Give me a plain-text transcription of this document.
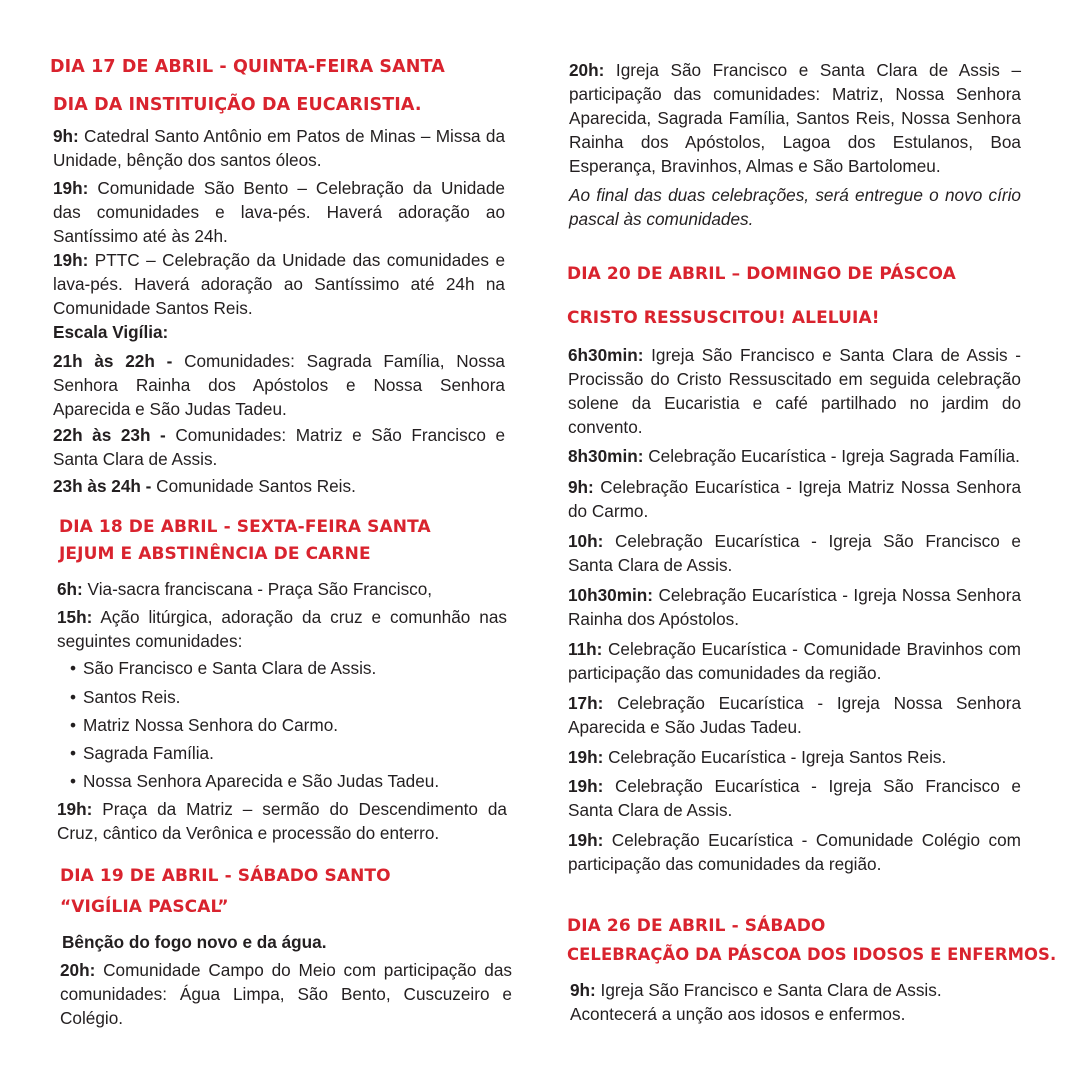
DIA 17 DE ABRIL - QUINTA-FEIRA SANTA
DIA DA INSTITUIÇÃO DA EUCARISTIA.
9h: Catedral Santo Antônio em Patos de Minas – Missa da Unidade, bênção dos santos óleos.
19h: Comunidade São Bento – Celebração da Unidade das comunidades e lava-pés. Haverá adoração ao Santíssimo até às 24h.
19h: PTTC – Celebração da Unidade das comunidades e lava-pés. Haverá adoração ao Santíssimo até 24h na Comunidade Santos Reis.
Escala Vigília:
21h às 22h - Comunidades: Sagrada Família, Nossa Senhora Rainha dos Apóstolos e Nossa Senhora Aparecida e São Judas Tadeu.
22h às 23h - Comunidades: Matriz e São Francisco e Santa Clara de Assis.
23h às 24h - Comunidade Santos Reis.
DIA 18 DE ABRIL - SEXTA-FEIRA SANTA
JEJUM E ABSTINÊNCIA DE CARNE
6h: Via-sacra franciscana - Praça São Francisco,
15h: Ação litúrgica, adoração da cruz e comunhão nas seguintes comunidades:
• São Francisco e Santa Clara de Assis.
• Santos Reis.
• Matriz Nossa Senhora do Carmo.
• Sagrada Família.
• Nossa Senhora Aparecida e São Judas Tadeu.
19h: Praça da Matriz – sermão do Descendimento da Cruz, cântico da Verônica e processão do enterro.
DIA 19 DE ABRIL - SÁBADO SANTO
“VIGÍLIA PASCAL”
Bênção do fogo novo e da água.
20h: Comunidade Campo do Meio com participação das comunidades: Água Limpa, São Bento, Cuscuzeiro e Colégio.
20h: Igreja São Francisco e Santa Clara de Assis – participação das comunidades: Matriz, Nossa Senhora Aparecida, Sagrada Família, Santos Reis, Nossa Senhora Rainha dos Apóstolos, Lagoa dos Estulanos, Boa Esperança, Bravinhos, Almas e São Bartolomeu.
Ao final das duas celebrações, será entregue o novo círio pascal às comunidades.
DIA 20 DE ABRIL – DOMINGO DE PÁSCOA
CRISTO RESSUSCITOU! ALELUIA!
6h30min: Igreja São Francisco e Santa Clara de Assis - Procissão do Cristo Ressuscitado em seguida celebração solene da Eucaristia e café partilhado no jardim do convento.
8h30min: Celebração Eucarística - Igreja Sagrada Família.
9h: Celebração Eucarística - Igreja Matriz Nossa Senhora do Carmo.
10h: Celebração Eucarística - Igreja São Francisco e Santa Clara de Assis.
10h30min: Celebração Eucarística - Igreja Nossa Senhora Rainha dos Apóstolos.
11h: Celebração Eucarística - Comunidade Bravinhos com participação das comunidades da região.
17h: Celebração Eucarística - Igreja Nossa Senhora Aparecida e São Judas Tadeu.
19h: Celebração Eucarística - Igreja Santos Reis.
19h: Celebração Eucarística - Igreja São Francisco e Santa Clara de Assis.
19h: Celebração Eucarística - Comunidade Colégio com participação das comunidades da região.
DIA 26 DE ABRIL - SÁBADO
CELEBRAÇÃO DA PÁSCOA DOS IDOSOS E ENFERMOS.
9h: Igreja São Francisco e Santa Clara de Assis.
Acontecerá a unção aos idosos e enfermos.
